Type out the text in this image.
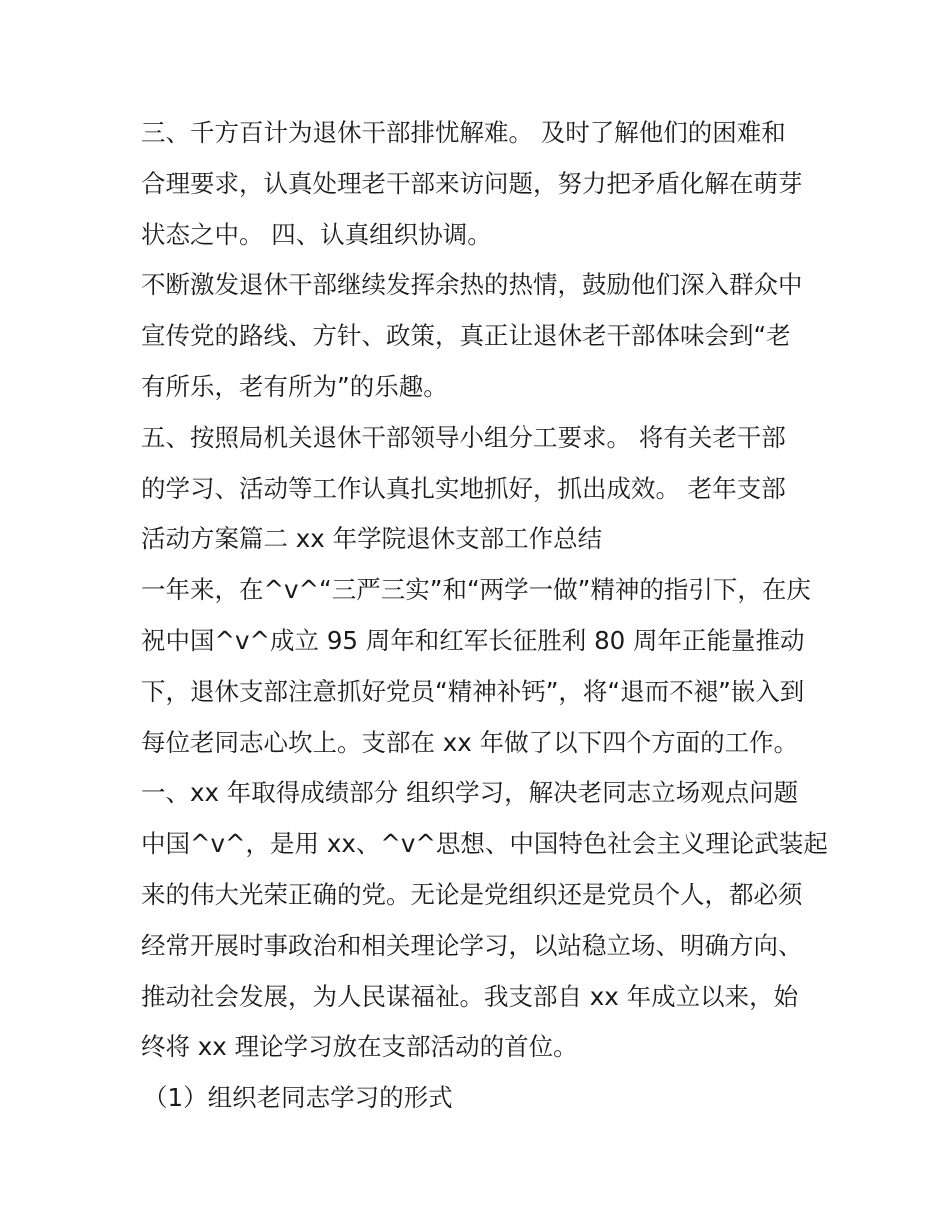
三、千方百计为退休干部排忧解难。 及时了解他们的困难和
合理要求，认真处理老干部来访问题，努力把矛盾化解在萌芽
状态之中。 四、认真组织协调。
不断激发退休干部继续发挥余热的热情，鼓励他们深入群众中
宣传党的路线、方针、政策，真正让退休老干部体味会到“老
有所乐，老有所为”的乐趣。
五、按照局机关退休干部领导小组分工要求。 将有关老干部
的学习、活动等工作认真扎实地抓好，抓出成效。 老年支部
活动方案篇二 xx 年学院退休支部工作总结
一年来，在^v^“三严三实”和“两学一做”精神的指引下，在庆
祝中国^v^成立 95 周年和红军长征胜利 80 周年正能量推动
下，退休支部注意抓好党员“精神补钙”，将“退而不褪”嵌入到
每位老同志心坎上。支部在 xx 年做了以下四个方面的工作。
一、xx 年取得成绩部分 组织学习，解决老同志立场观点问题
中国^v^，是用 xx、^v^思想、中国特色社会主义理论武装起
来的伟大光荣正确的党。无论是党组织还是党员个人，都必须
经常开展时事政治和相关理论学习，以站稳立场、明确方向、
推动社会发展，为人民谋福祉。我支部自 xx 年成立以来，始
终将 xx 理论学习放在支部活动的首位。
（1）组织老同志学习的形式
